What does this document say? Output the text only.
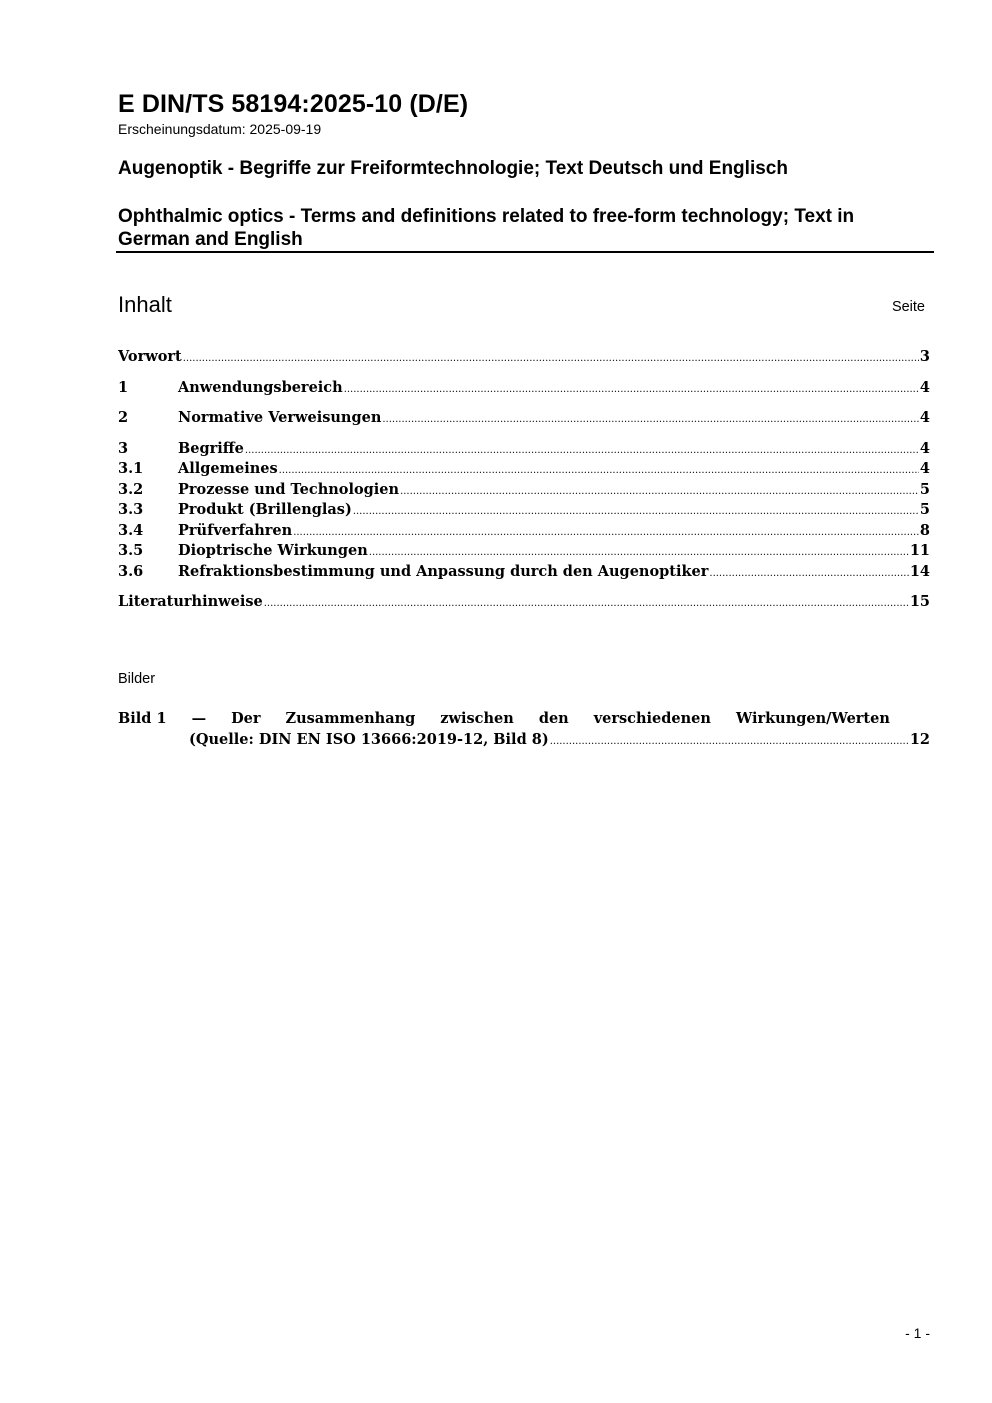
E DIN/TS 58194:2025-10 (D/E)
Erscheinungsdatum: 2025-09-19
Augenoptik - Begriffe zur Freiformtechnologie; Text Deutsch und Englisch
Ophthalmic optics - Terms and definitions related to free-form technology; Text in German and English
Inhalt	Seite
Vorwort .....	3
1	Anwendungsbereich .....	4
2	Normative Verweisungen .....	4
3	Begriffe .....	4
3.1	Allgemeines .....	4
3.2	Prozesse und Technologien .....	5
3.3	Produkt (Brillenglas) .....	5
3.4	Prüfverfahren .....	8
3.5	Dioptrische Wirkungen .....	11
3.6	Refraktionsbestimmung und Anpassung durch den Augenoptiker .....	14
Literaturhinweise .....	15
Bilder
Bild 1 — Der Zusammenhang zwischen den verschiedenen Wirkungen/Werten
(Quelle: DIN EN ISO 13666:2019-12, Bild 8) .....	12
- 1 -
